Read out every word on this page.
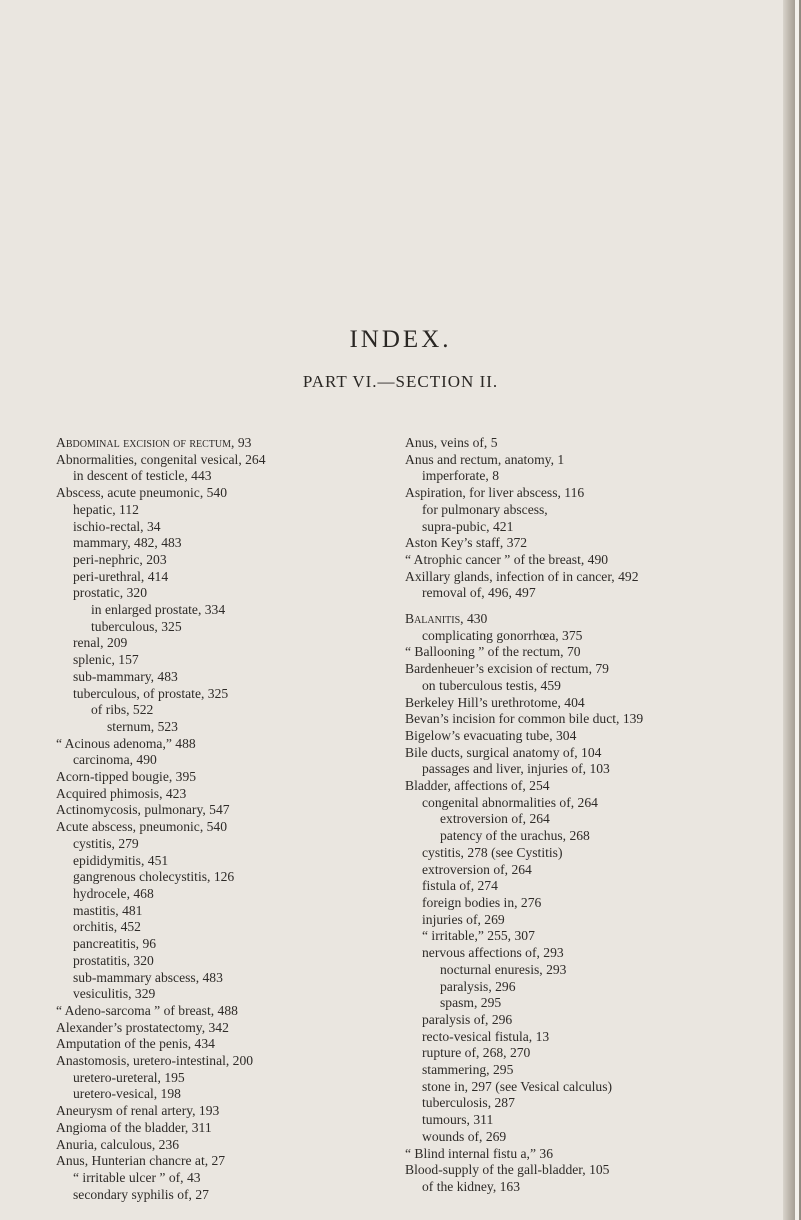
INDEX.
PART VI.—SECTION II.
Abdominal excision of rectum, 93
Abnormalities, congenital vesical, 264
in descent of testicle, 443
Abscess, acute pneumonic, 540
hepatic, 112
ischio-rectal, 34
mammary, 482, 483
peri-nephric, 203
peri-urethral, 414
prostatic, 320
in enlarged prostate, 334
tuberculous, 325
renal, 209
splenic, 157
sub-mammary, 483
tuberculous, of prostate, 325
of ribs, 522
sternum, 523
“ Acinous adenoma,” 488
carcinoma, 490
Acorn-tipped bougie, 395
Acquired phimosis, 423
Actinomycosis, pulmonary, 547
Acute abscess, pneumonic, 540
cystitis, 279
epididymitis, 451
gangrenous cholecystitis, 126
hydrocele, 468
mastitis, 481
orchitis, 452
pancreatitis, 96
prostatitis, 320
sub-mammary abscess, 483
vesiculitis, 329
“ Adeno-sarcoma ” of breast, 488
Alexander’s prostatectomy, 342
Amputation of the penis, 434
Anastomosis, uretero-intestinal, 200
uretero-ureteral, 195
uretero-vesical, 198
Aneurysm of renal artery, 193
Angioma of the bladder, 311
Anuria, calculous, 236
Anus, Hunterian chancre at, 27
“ irritable ulcer ” of, 43
secondary syphilis of, 27
Anus, veins of, 5
Anus and rectum, anatomy, 1
imperforate, 8
Aspiration, for liver abscess, 116
for pulmonary abscess,
supra-pubic, 421
Aston Key’s staff, 372
“ Atrophic cancer ” of the breast, 490
Axillary glands, infection of in cancer, 492
removal of, 496, 497
Balanitis, 430
complicating gonorrhœa, 375
“ Ballooning ” of the rectum, 70
Bardenheuer’s excision of rectum, 79
on tuberculous testis, 459
Berkeley Hill’s urethrotome, 404
Bevan’s incision for common bile duct, 139
Bigelow’s evacuating tube, 304
Bile ducts, surgical anatomy of, 104
passages and liver, injuries of, 103
Bladder, affections of, 254
congenital abnormalities of, 264
extroversion of, 264
patency of the urachus, 268
cystitis, 278 (see Cystitis)
extroversion of, 264
fistula of, 274
foreign bodies in, 276
injuries of, 269
“ irritable,” 255, 307
nervous affections of, 293
nocturnal enuresis, 293
paralysis, 296
spasm, 295
paralysis of, 296
recto-vesical fistula, 13
rupture of, 268, 270
stammering, 295
stone in, 297 (see Vesical calculus)
tuberculosis, 287
tumours, 311
wounds of, 269
“ Blind internal fistu a,” 36
Blood-supply of the gall-bladder, 105
of the kidney, 163
